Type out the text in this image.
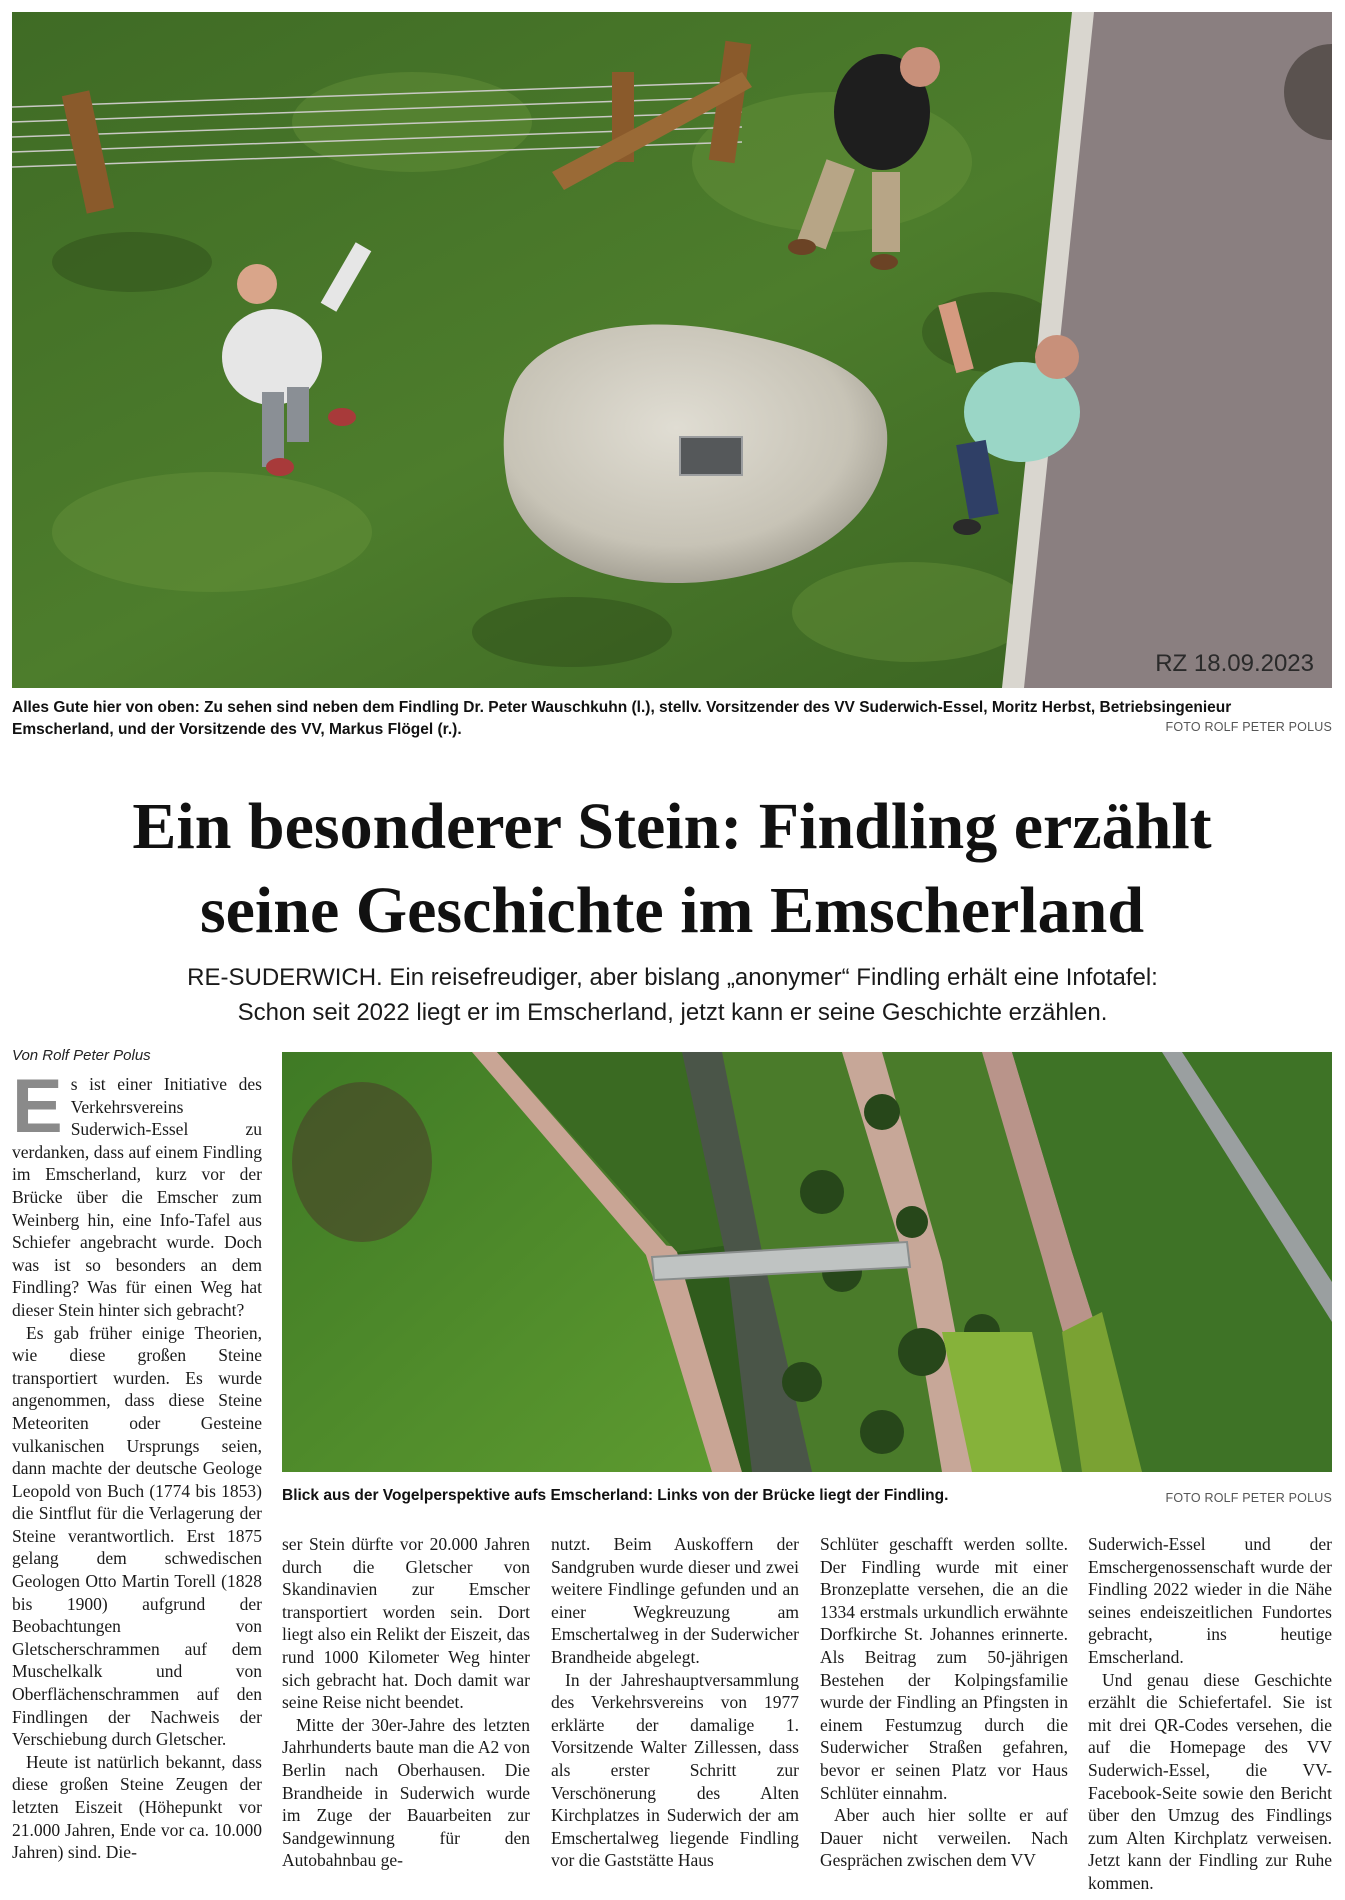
RZ 18.09.2023
Alles Gute hier von oben: Zu sehen sind neben dem Findling Dr. Peter Wauschkuhn (l.), stellv. Vorsitzender des VV Suderwich-Essel, Moritz Herbst, Betriebsingenieur Emscherland, und der Vorsitzende des VV, Markus Flögel (r.).	FOTO ROLF PETER POLUS
Ein besonderer Stein: Findling erzählt
seine Geschichte im Emscherland
RE-SUDERWICH. Ein reisefreudiger, aber bislang „anonymer“ Findling erhält eine Infotafel:
Schon seit 2022 liegt er im Emscherland, jetzt kann er seine Geschichte erzählen.
Von Rolf Peter Polus
Blick aus der Vogelperspektive aufs Emscherland: Links von der Brücke liegt der Findling.	FOTO ROLF PETER POLUS

Es ist einer Initiative des Verkehrsvereins Suderwich-Essel zu verdanken, dass auf einem Findling im Emscherland, kurz vor der Brücke über die Emscher zum Weinberg hin, eine Info-Tafel aus Schiefer angebracht wurde. Doch was ist so besonders an dem Findling? Was für einen Weg hat dieser Stein hinter sich gebracht?

Es gab früher einige Theorien, wie diese großen Steine transportiert wurden. Es wurde angenommen, dass diese Steine Meteoriten oder Gesteine vulkanischen Ursprungs seien, dann machte der deutsche Geologe Leopold von Buch (1774 bis 1853) die Sintflut für die Verlagerung der Steine verantwortlich. Erst 1875 gelang dem schwedischen Geologen Otto Martin Torell (1828 bis 1900) aufgrund der Beobachtungen von Gletscherschrammen auf dem Muschelkalk und von Oberflächenschrammen auf den Findlingen der Nachweis der Verschiebung durch Gletscher.

Heute ist natürlich bekannt, dass diese großen Steine Zeugen der letzten Eiszeit (Höhepunkt vor 21.000 Jahren, Ende vor ca. 10.000 Jahren) sind. Die-

ser Stein dürfte vor 20.000 Jahren durch die Gletscher von Skandinavien zur Emscher transportiert worden sein. Dort liegt also ein Relikt der Eiszeit, das rund 1000 Kilometer Weg hinter sich gebracht hat. Doch damit war seine Reise nicht beendet.

Mitte der 30er-Jahre des letzten Jahrhunderts baute man die A2 von Berlin nach Oberhausen. Die Brandheide in Suderwich wurde im Zuge der Bauarbeiten zur Sandgewinnung für den Autobahnbau ge-

nutzt. Beim Auskoffern der Sandgruben wurde dieser und zwei weitere Findlinge gefunden und an einer Wegkreuzung am Emschertalweg in der Suderwicher Brandheide abgelegt.

In der Jahreshauptversammlung des Verkehrsvereins von 1977 erklärte der damalige 1. Vorsitzende Walter Zillessen, dass als erster Schritt zur Verschönerung des Alten Kirchplatzes in Suderwich der am Emschertalweg liegende Findling vor die Gaststätte Haus

Schlüter geschafft werden sollte. Der Findling wurde mit einer Bronzeplatte versehen, die an die 1334 erstmals urkundlich erwähnte Dorfkirche St. Johannes erinnerte. Als Beitrag zum 50-jährigen Bestehen der Kolpingsfamilie wurde der Findling an Pfingsten in einem Festumzug durch die Suderwicher Straßen gefahren, bevor er seinen Platz vor Haus Schlüter einnahm.

Aber auch hier sollte er auf Dauer nicht verweilen. Nach Gesprächen zwischen dem VV

Suderwich-Essel und der Emschergenossenschaft wurde der Findling 2022 wieder in die Nähe seines endeiszeitlichen Fundortes gebracht, ins heutige Emscherland.

Und genau diese Geschichte erzählt die Schiefertafel. Sie ist mit drei QR-Codes versehen, die auf die Homepage des VV Suderwich-Essel, die VV-Facebook-Seite sowie den Bericht über den Umzug des Findlings zum Alten Kirchplatz verweisen. Jetzt kann der Findling zur Ruhe kommen.
